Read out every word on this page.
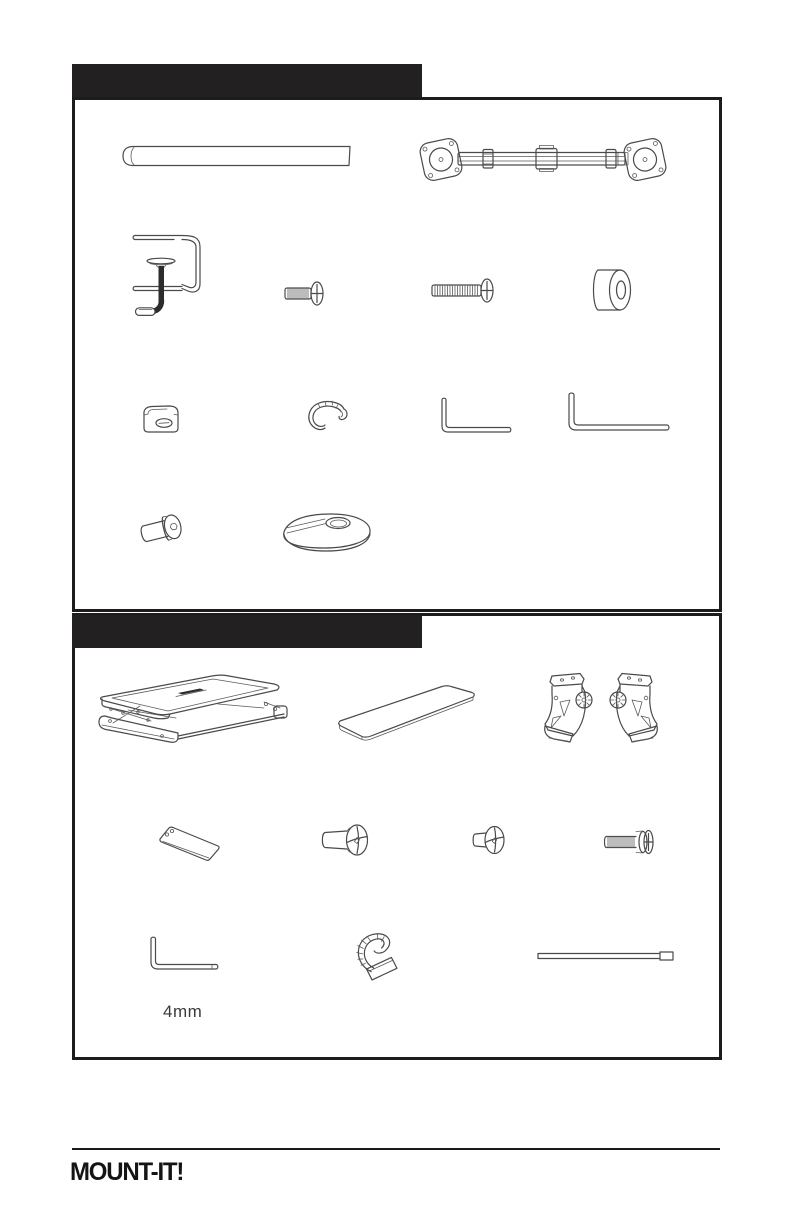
4mm
MOUNT-IT!
